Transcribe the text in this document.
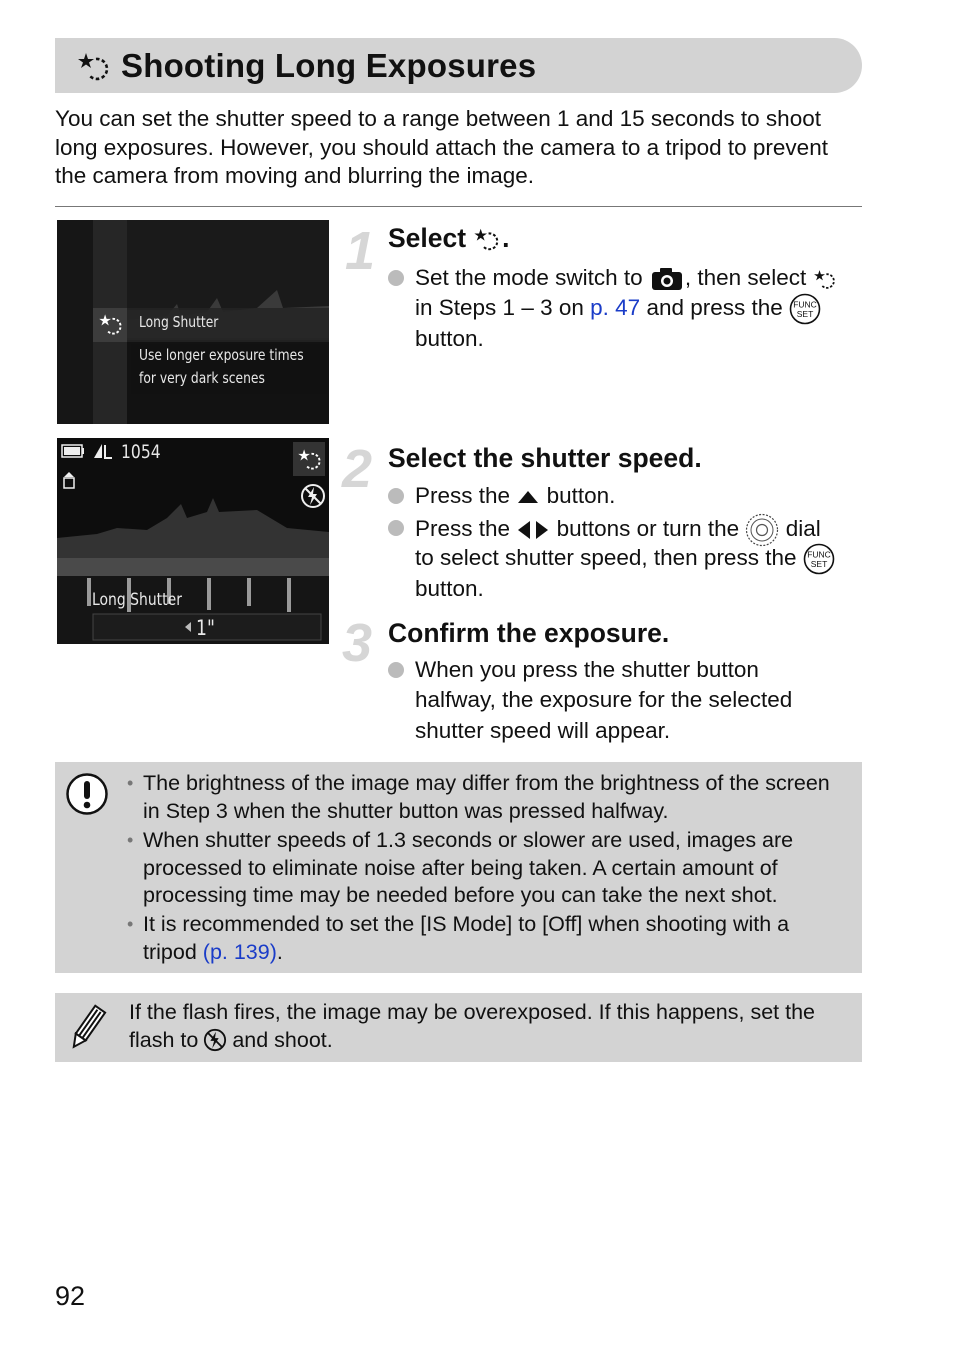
Shooting Long Exposures
You can set the shutter speed to a range between 1 and 15 seconds to shoot long exposures. However, you should attach the camera to a tripod to prevent the camera from moving and blurring the image.
Long Shutter
Use longer exposure times
for very dark scenes
1054
Long Shutter
1"
1 Select .
Set the mode switch to , then select
in Steps 1 – 3 on p. 47 and press the FUNC
SET
button.
2 Select the shutter speed.
Press the button.
Press the buttons or turn the dial
to select shutter speed, then press the FUNC
SET
button.
3 Confirm the exposure.
When you press the shutter button
halfway, the exposure for the selected
shutter speed will appear.
• The brightness of the image may differ from the brightness of the screen
in Step 3 when the shutter button was pressed halfway.
• When shutter speeds of 1.3 seconds or slower are used, images are
processed to eliminate noise after being taken. A certain amount of
processing time may be needed before you can take the next shot.
• It is recommended to set the [IS Mode] to [Off] when shooting with a
tripod (p. 139).
If the flash fires, the image may be overexposed. If this happens, set the
flash to and shoot.
92
